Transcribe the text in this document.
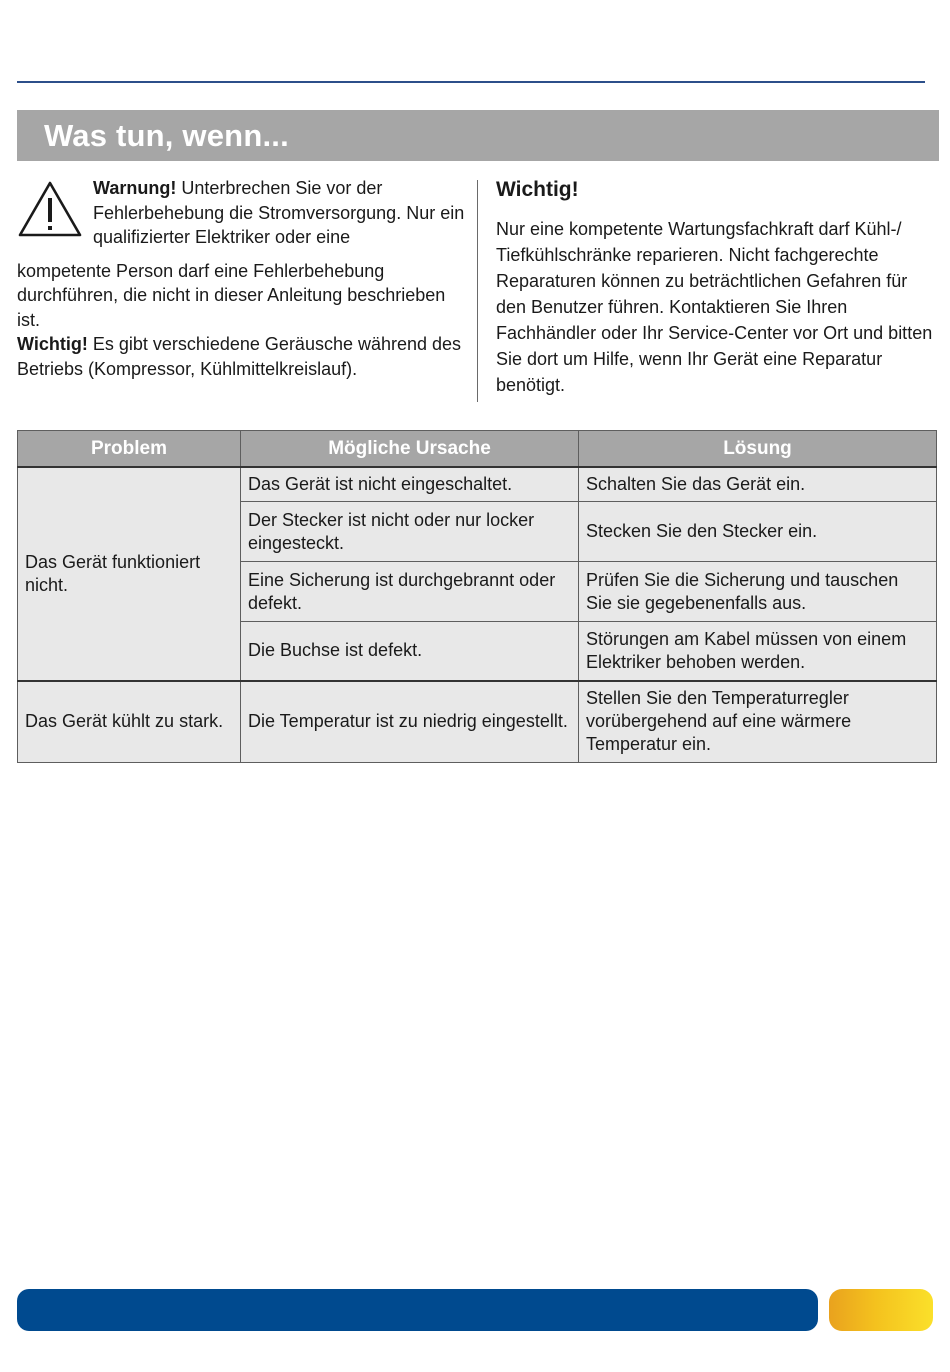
Was tun, wenn...

Warnung! Unterbrechen Sie vor der Fehlerbehebung die Stromversorgung. Nur ein qualifizierter Elektriker oder eine

kompetente Person darf eine Fehlerbehebung durchführen, die nicht in dieser Anleitung beschrieben ist.

Wichtig! Es gibt verschiedene Geräusche während des Betriebs (Kompressor, Kühlmittelkreislauf).

Wichtig!

Nur eine kompetente Wartungsfachkraft darf Kühl-/ Tiefkühlschränke reparieren. Nicht fachgerechte Reparaturen können zu beträchtlichen Gefahren für den Benutzer führen. Kontaktieren Sie Ihren Fachhändler oder Ihr Service-Center vor Ort und bitten Sie dort um Hilfe, wenn Ihr Gerät eine Reparatur benötigt.

Problem	Mögliche Ursache	Lösung
Das Gerät funktioniert nicht.	Das Gerät ist nicht eingeschaltet.	Schalten Sie das Gerät ein.
	Der Stecker ist nicht oder nur locker eingesteckt.	Stecken Sie den Stecker ein.
	Eine Sicherung ist durchgebrannt oder defekt.	Prüfen Sie die Sicherung und tauschen Sie sie gegebenenfalls aus.
	Die Buchse ist defekt.	Störungen am Kabel müssen von einem Elektriker behoben werden.
Das Gerät kühlt zu stark.	Die Temperatur ist zu niedrig eingestellt.	Stellen Sie den Temperaturregler vorübergehend auf eine wärmere Temperatur ein.
